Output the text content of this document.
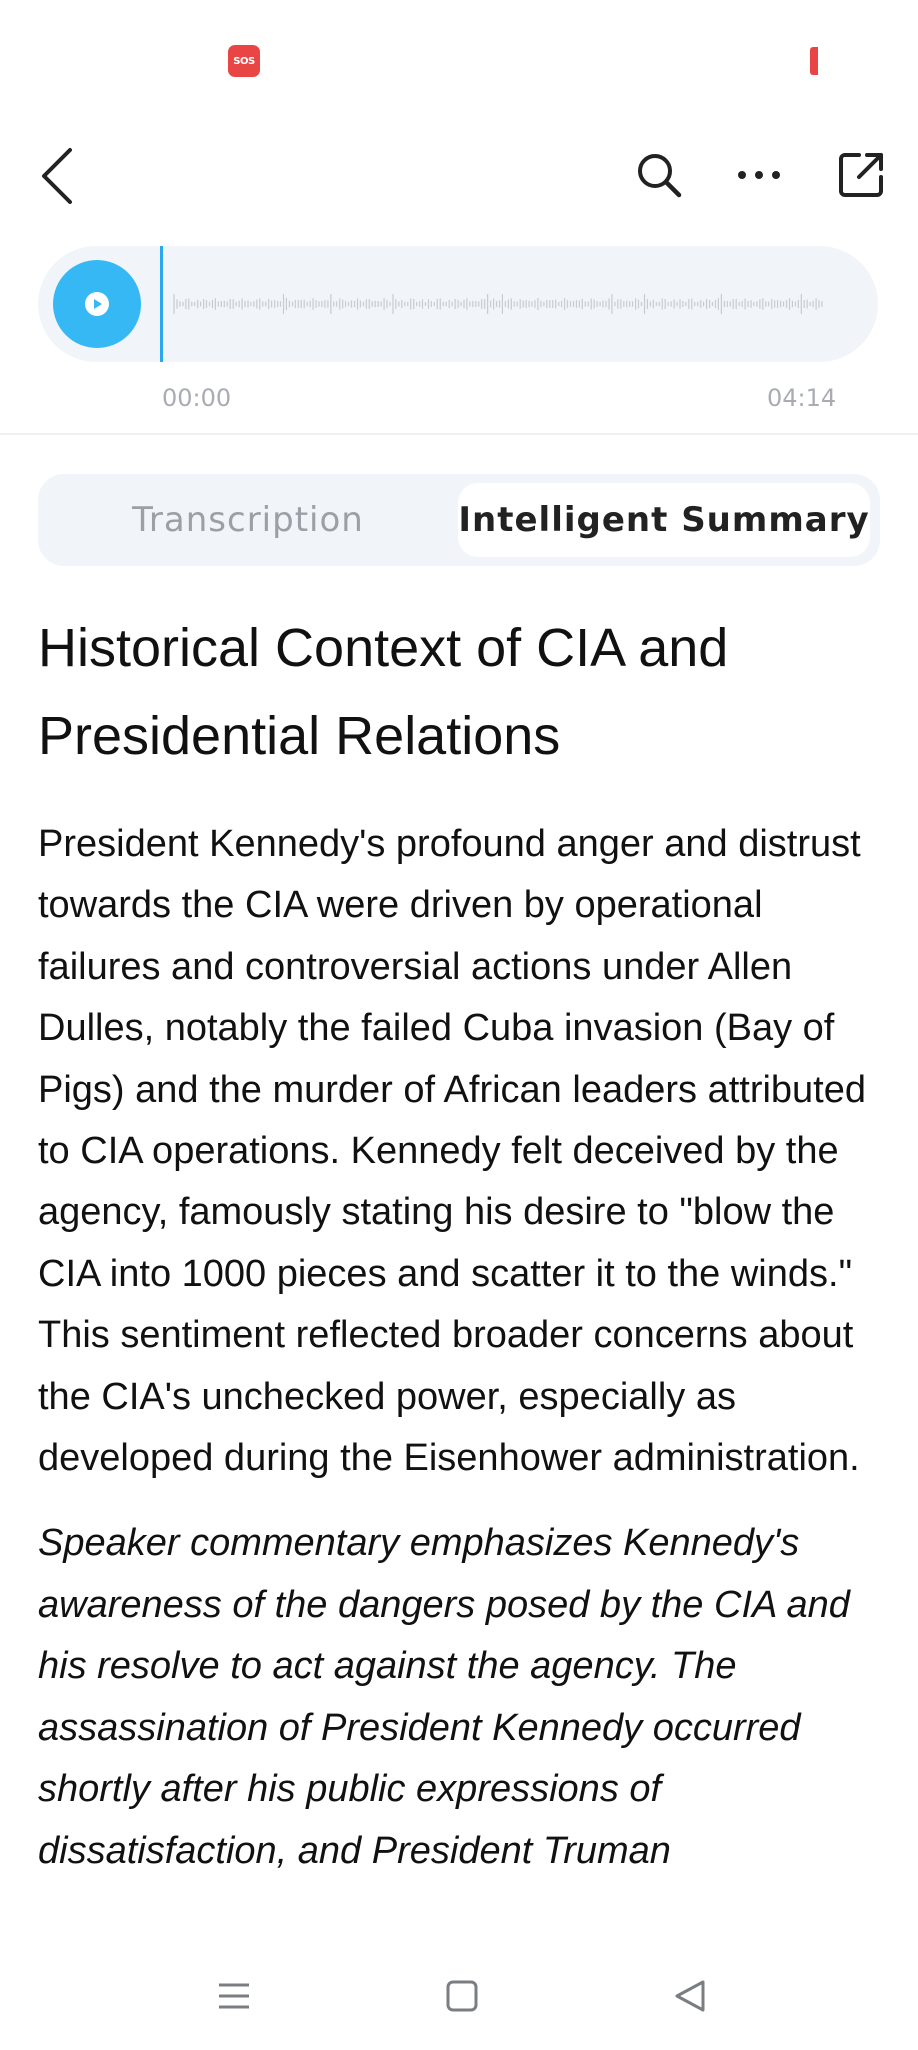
SOS
00:00	04:14
Transcription	Intelligent Summary
Historical Context of CIA and Presidential Relations

President Kennedy's profound anger and distrust towards the CIA were driven by operational failures and controversial actions under Allen Dulles, notably the failed Cuba invasion (Bay of Pigs) and the murder of African leaders attributed to CIA operations. Kennedy felt deceived by the agency, famously stating his desire to "blow the CIA into 1000 pieces and scatter it to the winds." This sentiment reflected broader concerns about the CIA's unchecked power, especially as developed during the Eisenhower administration.

Speaker commentary emphasizes Kennedy's awareness of the dangers posed by the CIA and his resolve to act against the agency. The assassination of President Kennedy occurred shortly after his public expressions of dissatisfaction, and President Truman
